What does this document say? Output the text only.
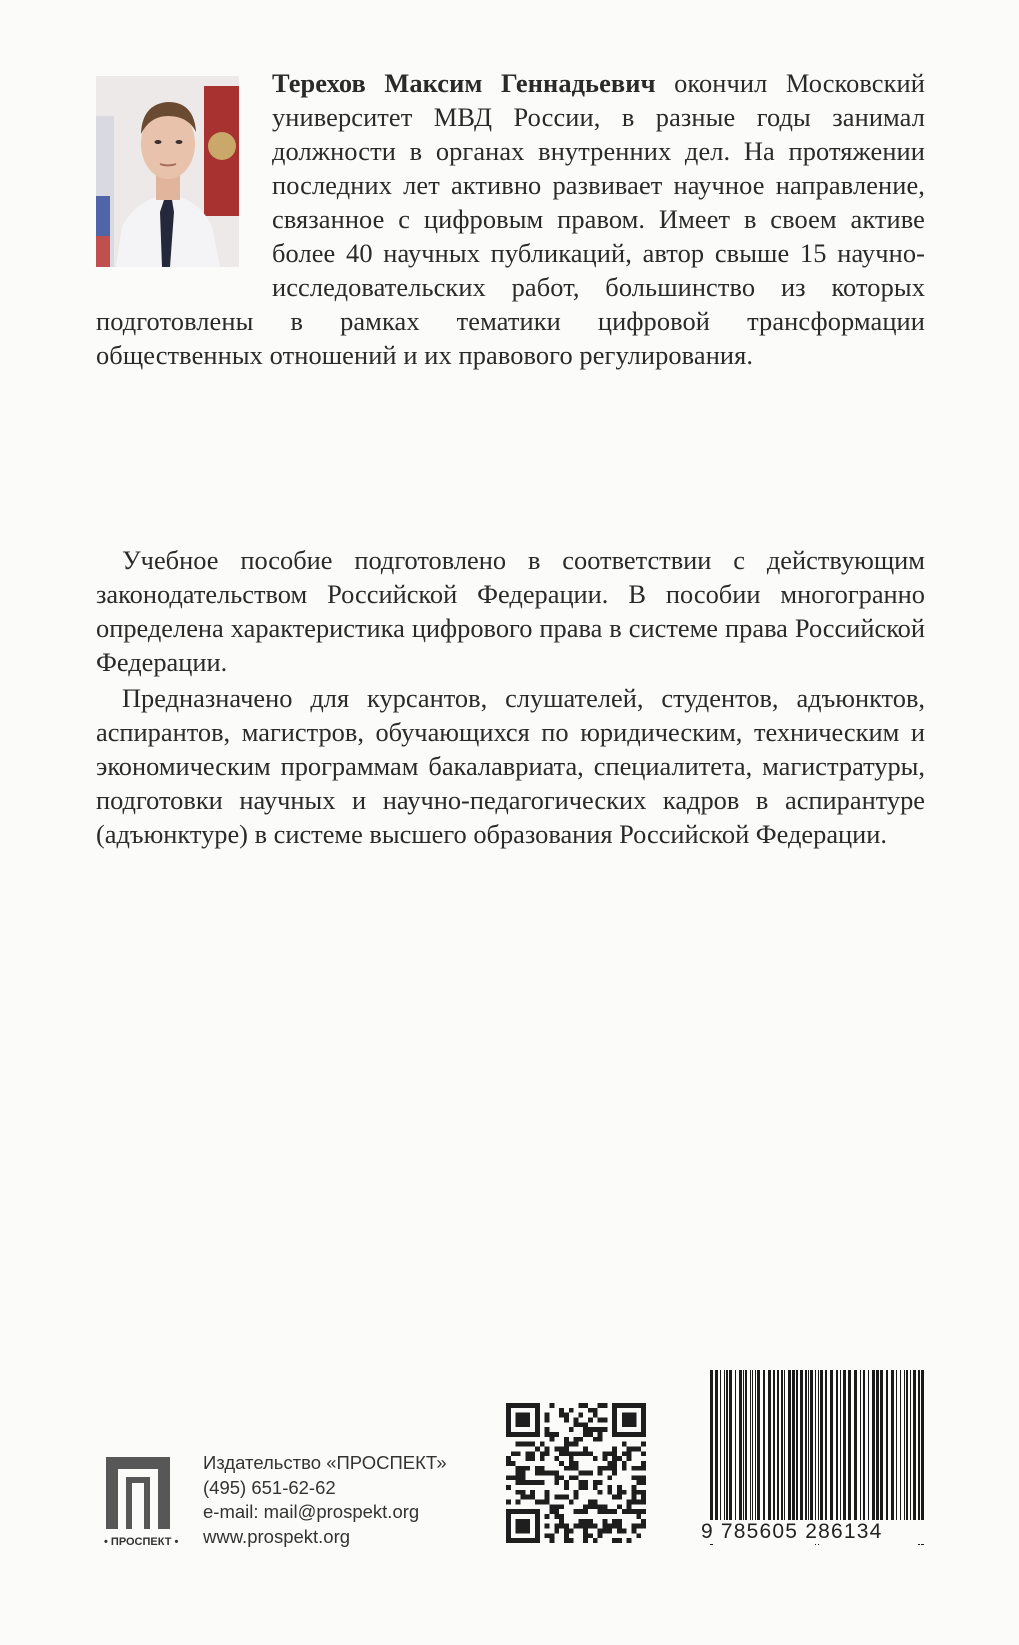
Терехов Максим Геннадьевич окончил Московский университет МВД России, в разные годы занимал должности в органах внутренних дел. На протяжении последних лет активно развивает научное направление, связанное с цифровым правом. Имеет в своем активе более 40 научных публикаций, автор свыше 15 научно-исследовательских работ, большинство из которых подготовлены в рамках тематики цифровой трансформации общественных отношений и их правового регулирования.

Учебное пособие подготовлено в соответствии с действующим законодательством Российской Федерации. В пособии многогранно определена характеристика цифрового права в системе права Российской Федерации.

Предназначено для курсантов, слушателей, студентов, адъюнктов, аспирантов, магистров, обучающихся по юридическим, техническим и экономическим программам бакалавриата, специалитета, магистратуры, подготовки научных и научно-педагогических кадров в аспирантуре (адъюнктуре) в системе высшего образования Российской Федерации.

• ПРОСПЕКТ •
Издательство «ПРОСПЕКТ»
(495) 651-62-62
e-mail: mail@prospekt.org
www.prospekt.org	9 785605 286134
